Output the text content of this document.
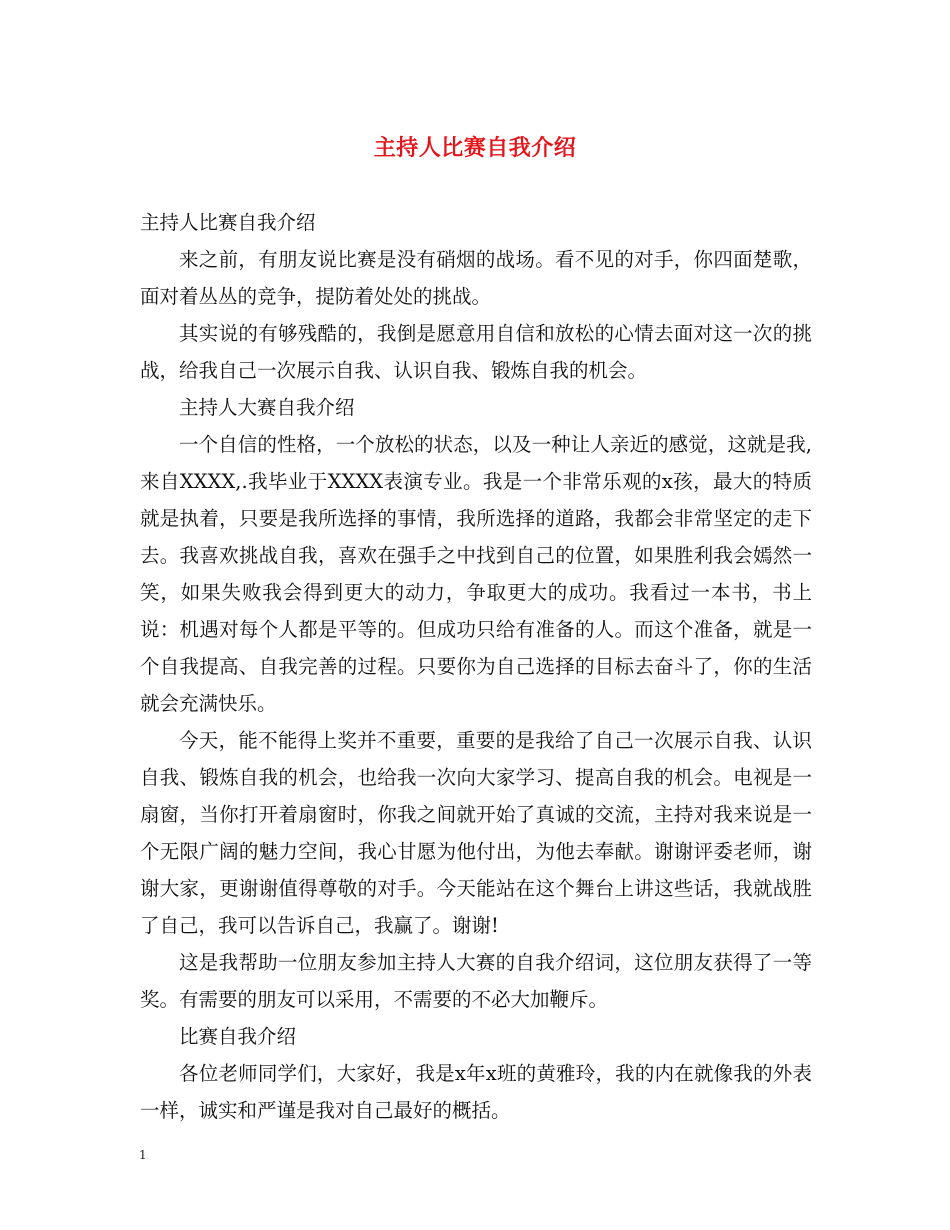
主持人比赛自我介绍

主持人比赛自我介绍

来之前，有朋友说比赛是没有硝烟的战场。看不见的对手，你四面楚歌，面对着丛丛的竞争，提防着处处的挑战。

其实说的有够残酷的，我倒是愿意用自信和放松的心情去面对这一次的挑战，给我自己一次展示自我、认识自我、锻炼自我的机会。

主持人大赛自我介绍

一个自信的性格，一个放松的状态，以及一种让人亲近的感觉，这就是我,来自XXXX,.我毕业于XXXX表演专业。我是一个非常乐观的x孩，最大的特质就是执着，只要是我所选择的事情，我所选择的道路，我都会非常坚定的走下去。我喜欢挑战自我，喜欢在强手之中找到自己的位置，如果胜利我会嫣然一笑，如果失败我会得到更大的动力，争取更大的成功。我看过一本书，书上说：机遇对每个人都是平等的。但成功只给有准备的人。而这个准备，就是一个自我提高、自我完善的过程。只要你为自己选择的目标去奋斗了，你的生活就会充满快乐。

今天，能不能得上奖并不重要，重要的是我给了自己一次展示自我、认识自我、锻炼自我的机会，也给我一次向大家学习、提高自我的机会。电视是一扇窗，当你打开着扇窗时，你我之间就开始了真诚的交流，主持对我来说是一个无限广阔的魅力空间，我心甘愿为他付出，为他去奉献。谢谢评委老师，谢谢大家，更谢谢值得尊敬的对手。今天能站在这个舞台上讲这些话，我就战胜了自己，我可以告诉自己，我赢了。谢谢!

这是我帮助一位朋友参加主持人大赛的自我介绍词，这位朋友获得了一等奖。有需要的朋友可以采用，不需要的不必大加鞭斥。

比赛自我介绍

各位老师同学们，大家好，我是x年x班的黄雅玲，我的内在就像我的外表一样，诚实和严谨是我对自己最好的概括。

1
